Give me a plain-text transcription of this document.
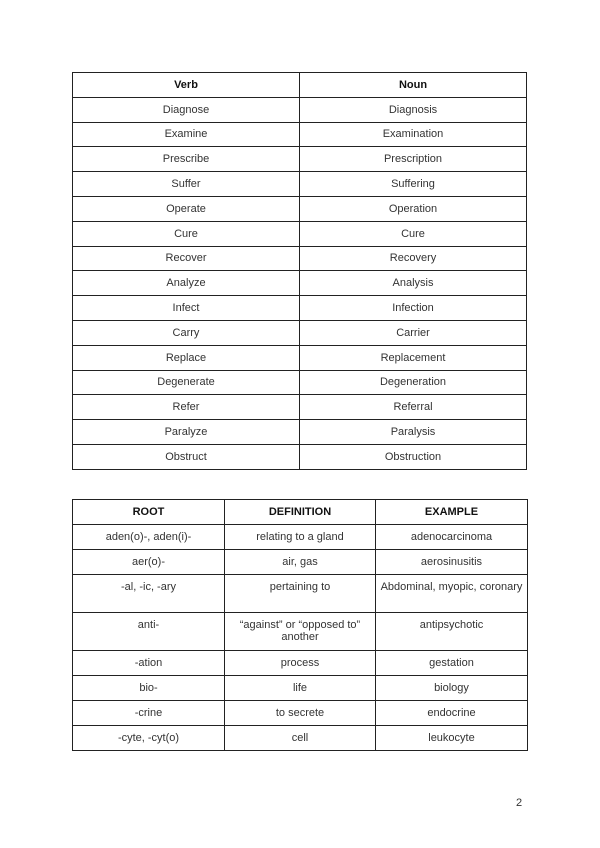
Verb	Noun
Diagnose	Diagnosis
Examine	Examination
Prescribe	Prescription
Suffer	Suffering
Operate	Operation
Cure	Cure
Recover	Recovery
Analyze	Analysis
Infect	Infection
Carry	Carrier
Replace	Replacement
Degenerate	Degeneration
Refer	Referral
Paralyze	Paralysis
Obstruct	Obstruction
ROOT	DEFINITION	EXAMPLE
aden(o)-, aden(i)-	relating to a gland	adenocarcinoma
aer(o)-	air, gas	aerosinusitis
-al, -ic, -ary	pertaining to	Abdominal, myopic, coronary
anti-	“against” or “opposed to” another	antipsychotic
-ation	process	gestation
bio-	life	biology
-crine	to secrete	endocrine
-cyte, -cyt(o)	cell	leukocyte
2
